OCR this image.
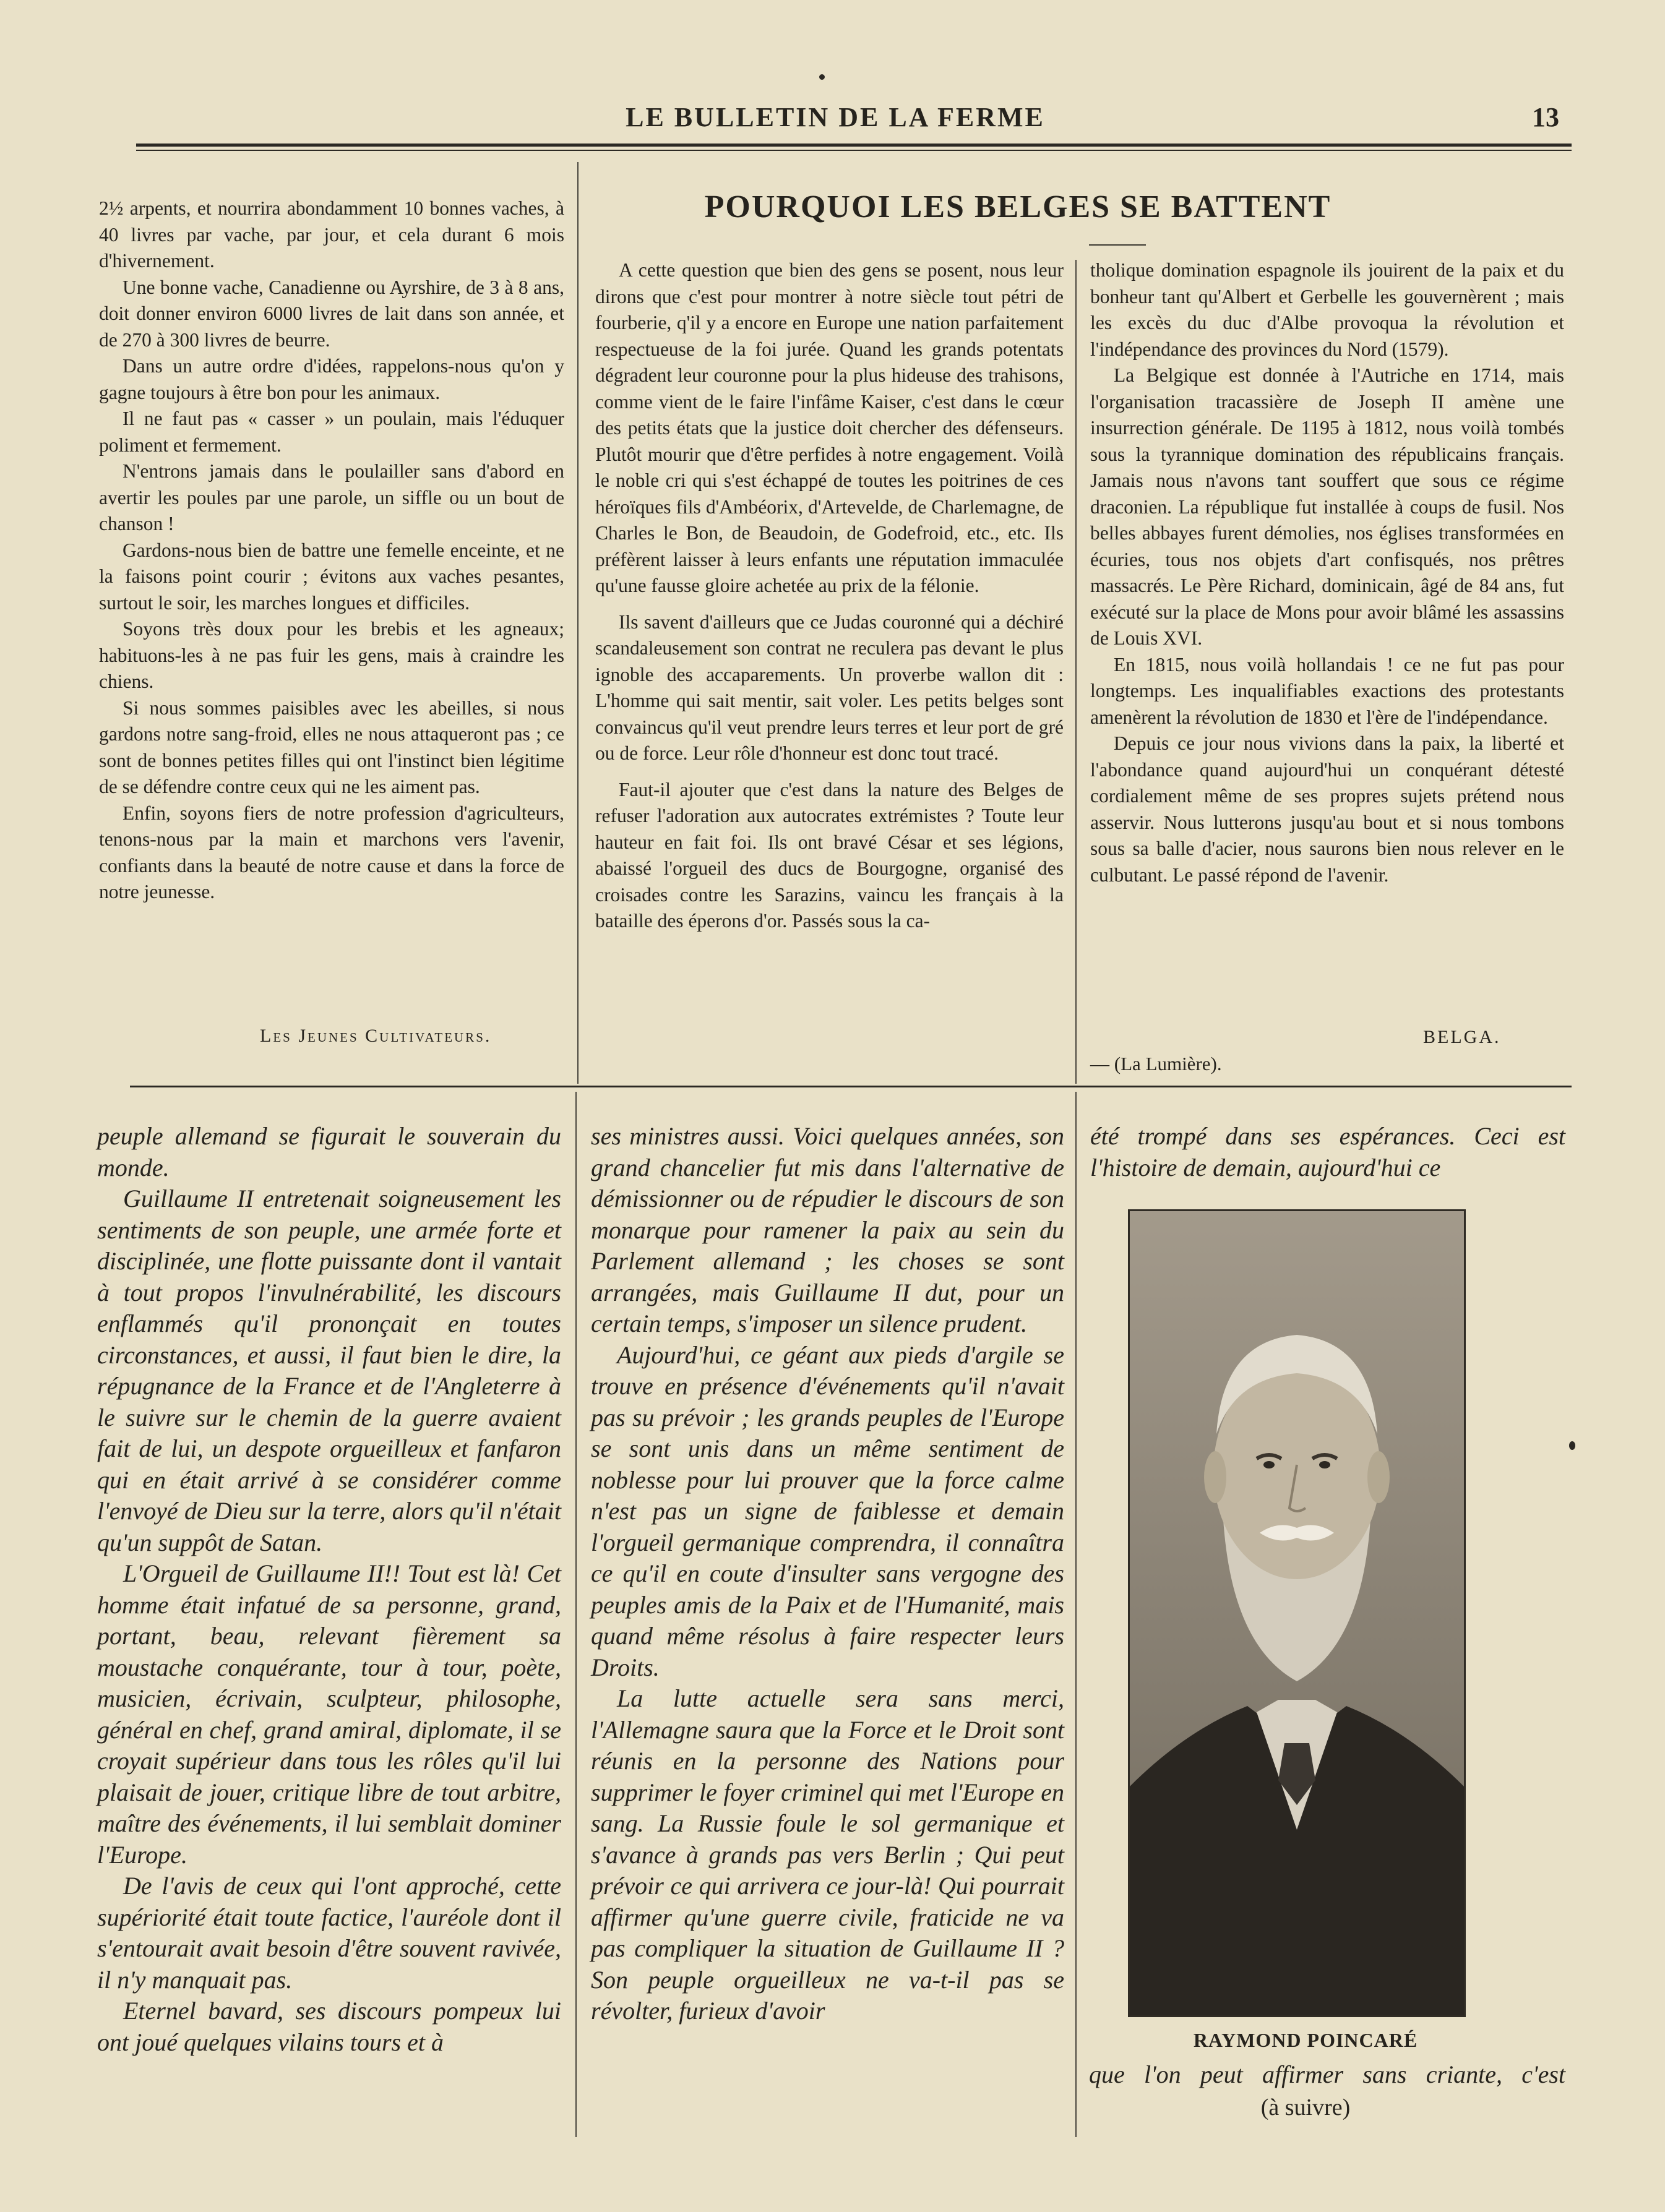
LE BULLETIN DE LA FERME	13

2½ arpents, et nourrira abondamment 10 bonnes vaches, à 40 livres par vache, par jour, et cela durant 6 mois d'hivernement.

Une bonne vache, Canadienne ou Ayrshire, de 3 à 8 ans, doit donner environ 6000 livres de lait dans son année, et de 270 à 300 livres de beurre.

Dans un autre ordre d'idées, rappelons-nous qu'on y gagne toujours à être bon pour les animaux.

Il ne faut pas « casser » un poulain, mais l'éduquer poliment et fermement.

N'entrons jamais dans le poulailler sans d'abord en avertir les poules par une parole, un siffle ou un bout de chanson !

Gardons-nous bien de battre une femelle enceinte, et ne la faisons point courir ; évitons aux vaches pesantes, surtout le soir, les marches longues et difficiles.

Soyons très doux pour les brebis et les agneaux; habituons-les à ne pas fuir les gens, mais à craindre les chiens.

Si nous sommes paisibles avec les abeilles, si nous gardons notre sang-froid, elles ne nous attaqueront pas ; ce sont de bonnes petites filles qui ont l'instinct bien légitime de se défendre contre ceux qui ne les aiment pas.

Enfin, soyons fiers de notre profession d'agriculteurs, tenons-nous par la main et marchons vers l'avenir, confiants dans la beauté de notre cause et dans la force de notre jeunesse.

Les Jeunes Cultivateurs.
POURQUOI LES BELGES SE BATTENT

A cette question que bien des gens se posent, nous leur dirons que c'est pour montrer à notre siècle tout pétri de fourberie, q'il y a encore en Europe une nation parfaitement respectueuse de la foi jurée. Quand les grands potentats dégradent leur couronne pour la plus hideuse des trahisons, comme vient de le faire l'infâme Kaiser, c'est dans le cœur des petits états que la justice doit chercher des défenseurs. Plutôt mourir que d'être perfides à notre engagement. Voilà le noble cri qui s'est échappé de toutes les poitrines de ces héroïques fils d'Ambéorix, d'Artevelde, de Charlemagne, de Charles le Bon, de Beaudoin, de Godefroid, etc., etc. Ils préfèrent laisser à leurs enfants une réputation immaculée qu'une fausse gloire achetée au prix de la félonie.

Ils savent d'ailleurs que ce Judas couronné qui a déchiré scandaleusement son contrat ne reculera pas devant le plus ignoble des accaparements. Un proverbe wallon dit : L'homme qui sait mentir, sait voler. Les petits belges sont convaincus qu'il veut prendre leurs terres et leur port de gré ou de force. Leur rôle d'honneur est donc tout tracé.

Faut-il ajouter que c'est dans la nature des Belges de refuser l'adoration aux autocrates extrémistes ? Toute leur hauteur en fait foi. Ils ont bravé César et ses légions, abaissé l'orgueil des ducs de Bourgogne, organisé des croisades contre les Sarazins, vaincu les français à la bataille des éperons d'or. Passés sous la ca-

tholique domination espagnole ils jouirent de la paix et du bonheur tant qu'Albert et Gerbelle les gouvernèrent ; mais les excès du duc d'Albe provoqua la révolution et l'indépendance des provinces du Nord (1579).

La Belgique est donnée à l'Autriche en 1714, mais l'organisation tracassière de Joseph II amène une insurrection générale. De 1195 à 1812, nous voilà tombés sous la tyrannique domination des républicains français. Jamais nous n'avons tant souffert que sous ce régime draconien. La république fut installée à coups de fusil. Nos belles abbayes furent démolies, nos églises transformées en écuries, tous nos objets d'art confisqués, nos prêtres massacrés. Le Père Richard, dominicain, âgé de 84 ans, fut exécuté sur la place de Mons pour avoir blâmé les assassins de Louis XVI.

En 1815, nous voilà hollandais ! ce ne fut pas pour longtemps. Les inqualifiables exactions des protestants amenèrent la révolution de 1830 et l'ère de l'indépendance.

Depuis ce jour nous vivions dans la paix, la liberté et l'abondance quand aujourd'hui un conquérant détesté cordialement même de ses propres sujets prétend nous asservir. Nous lutterons jusqu'au bout et si nous tombons sous sa balle d'acier, nous saurons bien nous relever en le culbutant. Le passé répond de l'avenir.

BELGA.
— (La Lumière).

peuple allemand se figurait le souverain du monde.

Guillaume II entretenait soigneusement les sentiments de son peuple, une armée forte et disciplinée, une flotte puissante dont il vantait à tout propos l'invulnérabilité, les discours enflammés qu'il prononçait en toutes circonstances, et aussi, il faut bien le dire, la répugnance de la France et de l'Angleterre à le suivre sur le chemin de la guerre avaient fait de lui, un despote orgueilleux et fanfaron qui en était arrivé à se considérer comme l'envoyé de Dieu sur la terre, alors qu'il n'était qu'un suppôt de Satan.

L'Orgueil de Guillaume II!! Tout est là! Cet homme était infatué de sa personne, grand, portant, beau, relevant fièrement sa moustache conquérante, tour à tour, poète, musicien, écrivain, sculpteur, philosophe, général en chef, grand amiral, diplomate, il se croyait supérieur dans tous les rôles qu'il lui plaisait de jouer, critique libre de tout arbitre, maître des événements, il lui semblait dominer l'Europe.

De l'avis de ceux qui l'ont approché, cette supériorité était toute factice, l'auréole dont il s'entourait avait besoin d'être souvent ravivée, il n'y manquait pas.

Eternel bavard, ses discours pompeux lui ont joué quelques vilains tours et à

ses ministres aussi. Voici quelques années, son grand chancelier fut mis dans l'alternative de démissionner ou de répudier le discours de son monarque pour ramener la paix au sein du Parlement allemand ; les choses se sont arrangées, mais Guillaume II dut, pour un certain temps, s'imposer un silence prudent.

Aujourd'hui, ce géant aux pieds d'argile se trouve en présence d'événements qu'il n'avait pas su prévoir ; les grands peuples de l'Europe se sont unis dans un même sentiment de noblesse pour lui prouver que la force calme n'est pas un signe de faiblesse et demain l'orgueil germanique comprendra, il connaîtra ce qu'il en coute d'insulter sans vergogne des peuples amis de la Paix et de l'Humanité, mais quand même résolus à faire respecter leurs Droits.

La lutte actuelle sera sans merci, l'Allemagne saura que la Force et le Droit sont réunis en la personne des Nations pour supprimer le foyer criminel qui met l'Europe en sang. La Russie foule le sol germanique et s'avance à grands pas vers Berlin ; Qui peut prévoir ce qui arrivera ce jour-là! Qui pourrait affirmer qu'une guerre civile, fraticide ne va pas compliquer la situation de Guillaume II ? Son peuple orgueilleux ne va-t-il pas se révolter, furieux d'avoir

été trompé dans ses espérances. Ceci est l'histoire de demain, aujourd'hui ce

RAYMOND POINCARÉ
que l'on peut affirmer sans criante, c'est
(à suivre)
